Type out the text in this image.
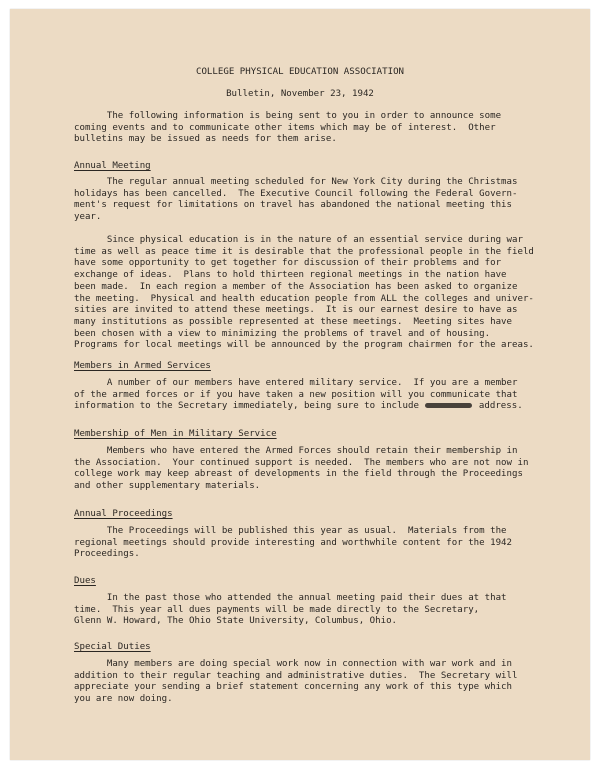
COLLEGE PHYSICAL EDUCATION ASSOCIATION
Bulletin, November 23, 1942
The following information is being sent to you in order to announce some
coming events and to communicate other items which may be of interest.  Other
bulletins may be issued as needs for them arise.
Annual Meeting
The regular annual meeting scheduled for New York City during the Christmas
holidays has been cancelled.  The Executive Council following the Federal Govern-
ment's request for limitations on travel has abandoned the national meeting this
year.
Since physical education is in the nature of an essential service during war
time as well as peace time it is desirable that the professional people in the field
have some opportunity to get together for discussion of their problems and for
exchange of ideas.  Plans to hold thirteen regional meetings in the nation have
been made.  In each region a member of the Association has been asked to organize
the meeting.  Physical and health education people from ALL the colleges and univer-
sities are invited to attend these meetings.  It is our earnest desire to have as
many institutions as possible represented at these meetings.  Meeting sites have
been chosen with a view to minimizing the problems of travel and of housing.
Programs for local meetings will be announced by the program chairmen for the areas.
Members in Armed Services
A number of our members have entered military service.  If you are a member
of the armed forces or if you have taken a new position will you communicate that
information to the Secretary immediately, being sure to include	address.
Membership of Men in Military Service
Members who have entered the Armed Forces should retain their membership in
the Association.  Your continued support is needed.  The members who are not now in
college work may keep abreast of developments in the field through the Proceedings
and other supplementary materials.
Annual Proceedings
The Proceedings will be published this year as usual.  Materials from the
regional meetings should provide interesting and worthwhile content for the 1942
Proceedings.
Dues
In the past those who attended the annual meeting paid their dues at that
time.  This year all dues payments will be made directly to the Secretary,
Glenn W. Howard, The Ohio State University, Columbus, Ohio.
Special Duties
Many members are doing special work now in connection with war work and in
addition to their regular teaching and administrative duties.  The Secretary will
appreciate your sending a brief statement concerning any work of this type which
you are now doing.
